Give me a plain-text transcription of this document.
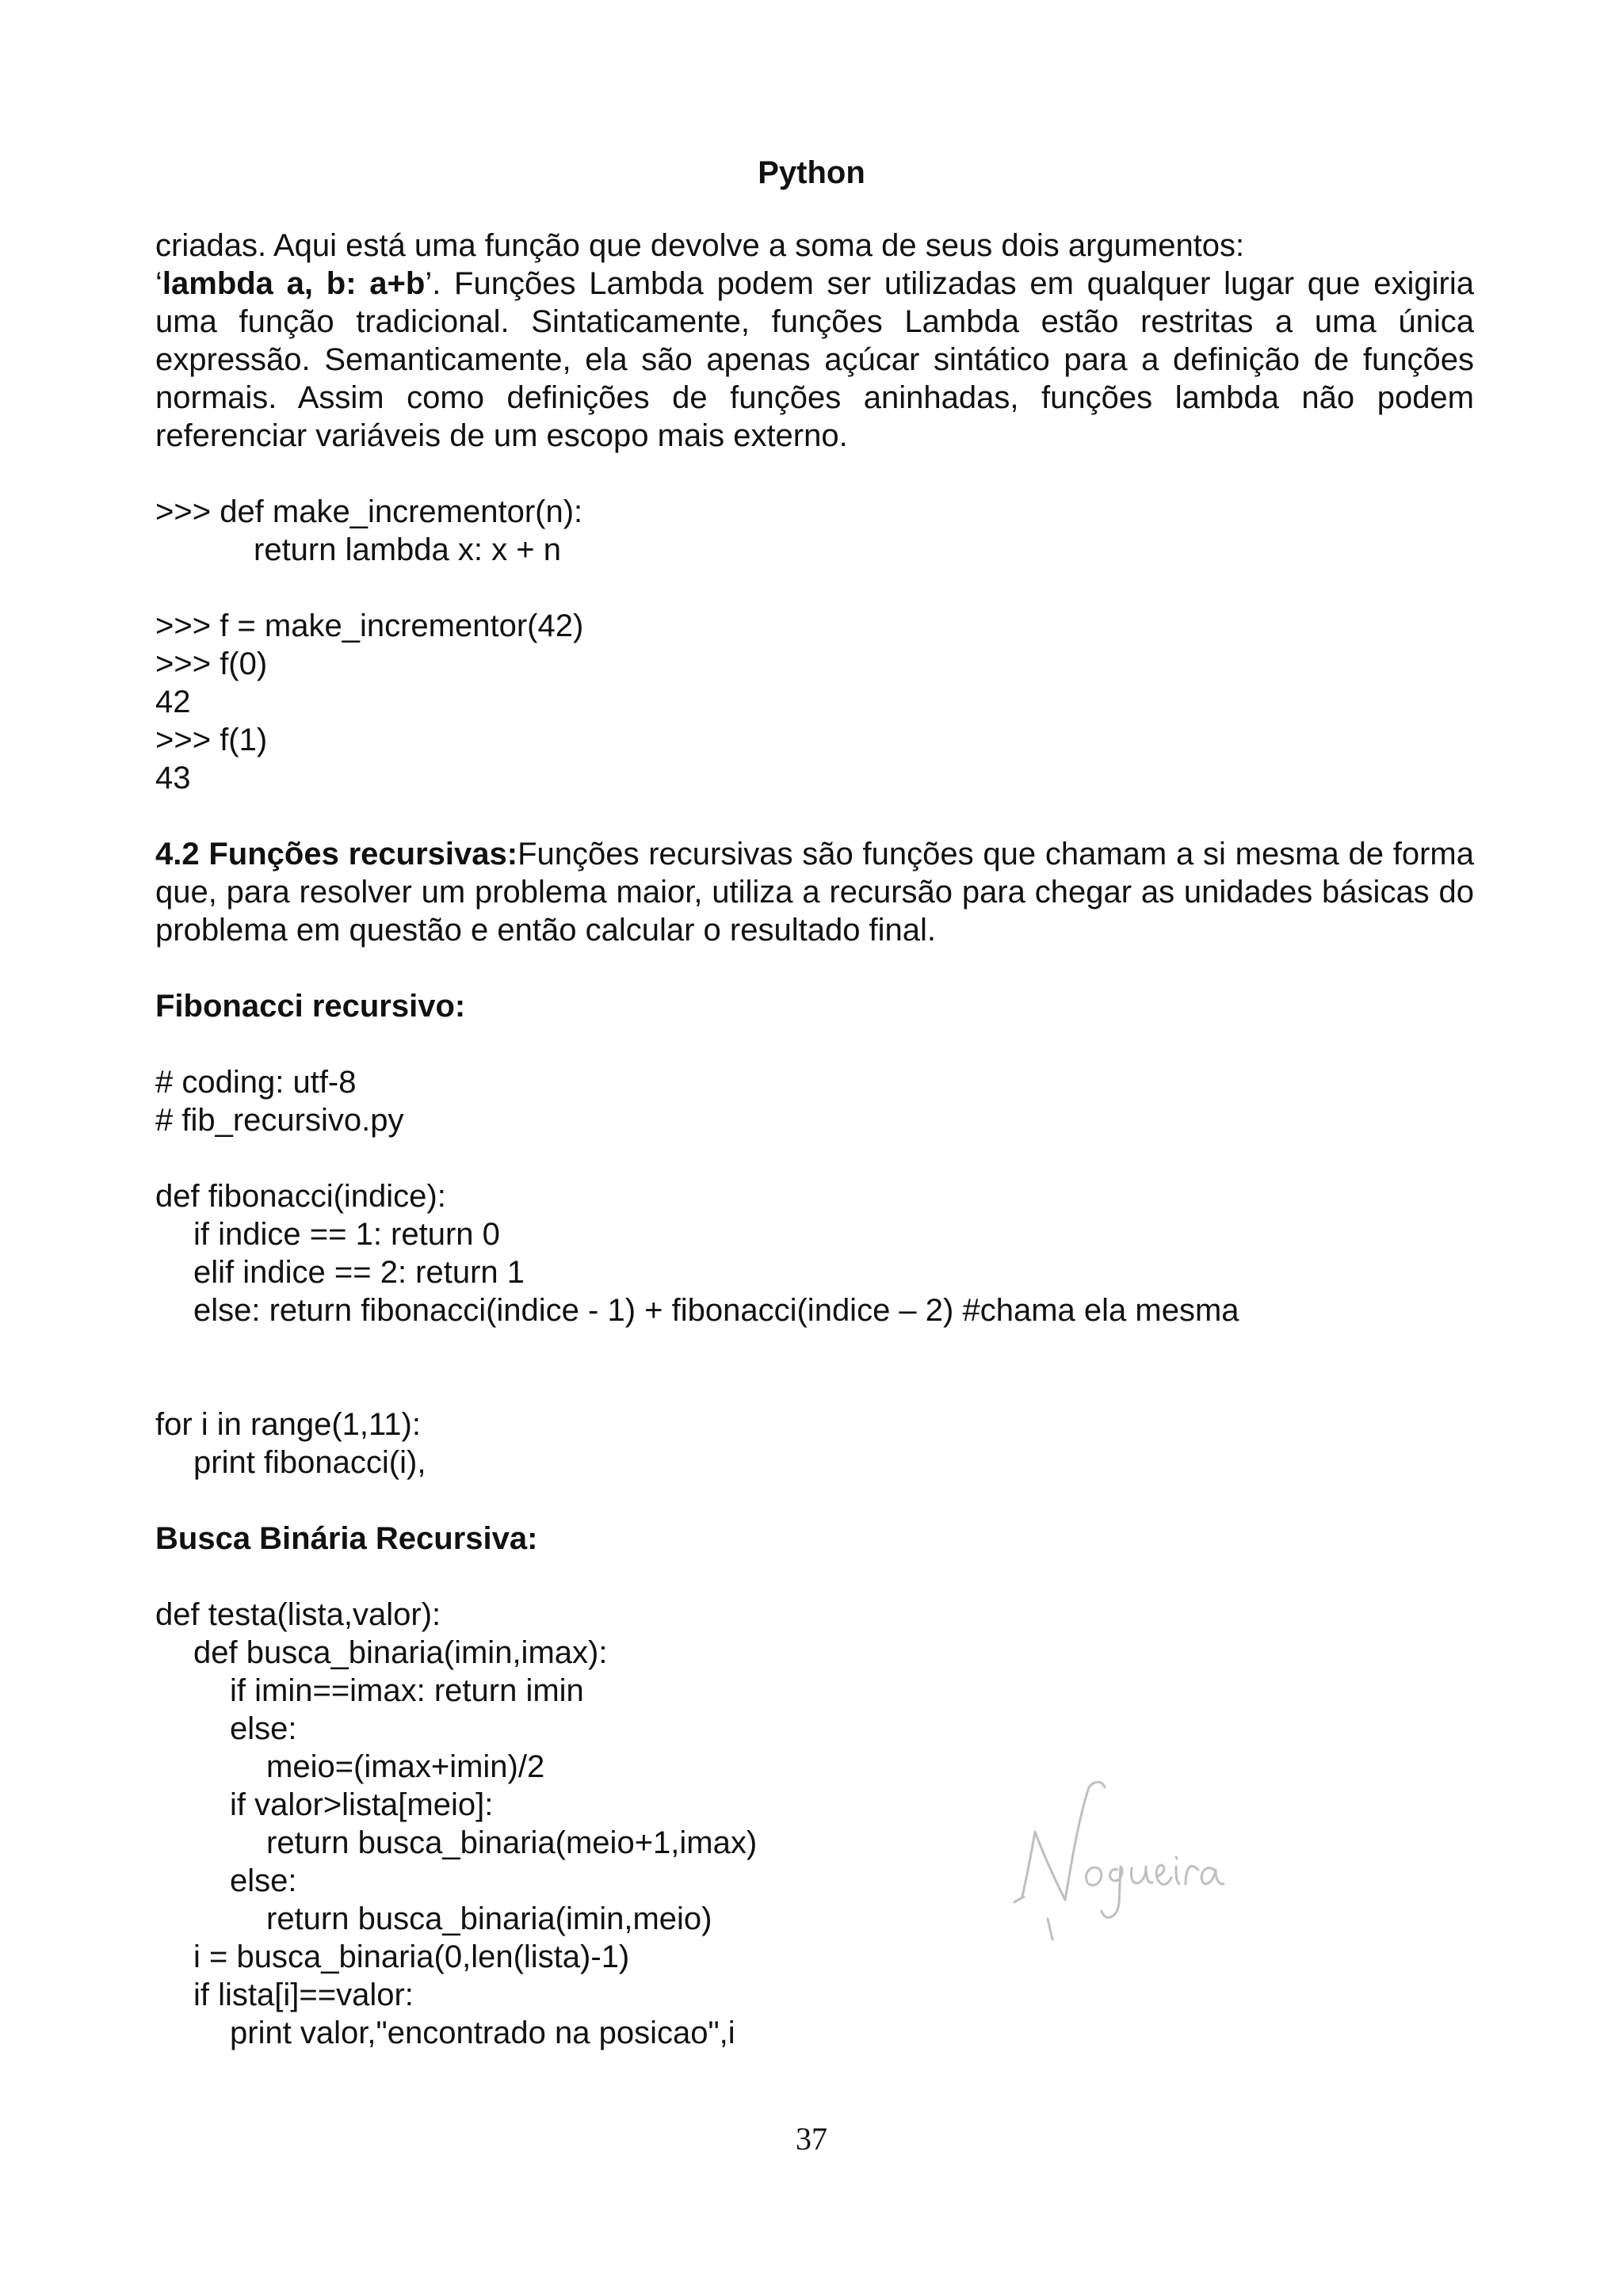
Python

criadas. Aqui está uma função que devolve a soma de seus dois argumentos:

‘lambda a, b: a+b’. Funções Lambda podem ser utilizadas em qualquer lugar que exigiria uma função tradicional. Sintaticamente, funções Lambda estão restritas a uma única expressão. Semanticamente, ela são apenas açúcar sintático para a definição de funções normais. Assim como definições de funções aninhadas, funções lambda não podem referenciar variáveis de um escopo mais externo.

>>> def make_incrementor(n):

return lambda x: x + n

>>> f = make_incrementor(42)

>>> f(0)

42

>>> f(1)

43

4.2 Funções recursivas:Funções recursivas são funções que chamam a si mesma de forma que, para resolver um problema maior, utiliza a recursão para chegar as unidades básicas do problema em questão e então calcular o resultado final.

Fibonacci recursivo:

# coding: utf-8

# fib_recursivo.py

def fibonacci(indice):

if indice == 1: return 0

elif indice == 2: return 1

else: return fibonacci(indice - 1) + fibonacci(indice – 2) #chama ela mesma

for i in range(1,11):

print fibonacci(i),

Busca Binária Recursiva:

def testa(lista,valor):

def busca_binaria(imin,imax):

if imin==imax: return imin

else:

meio=(imax+imin)/2

if valor>lista[meio]:

return busca_binaria(meio+1,imax)

else:

return busca_binaria(imin,meio)

i = busca_binaria(0,len(lista)-1)

if lista[i]==valor:

print valor,"encontrado na posicao",i

37
